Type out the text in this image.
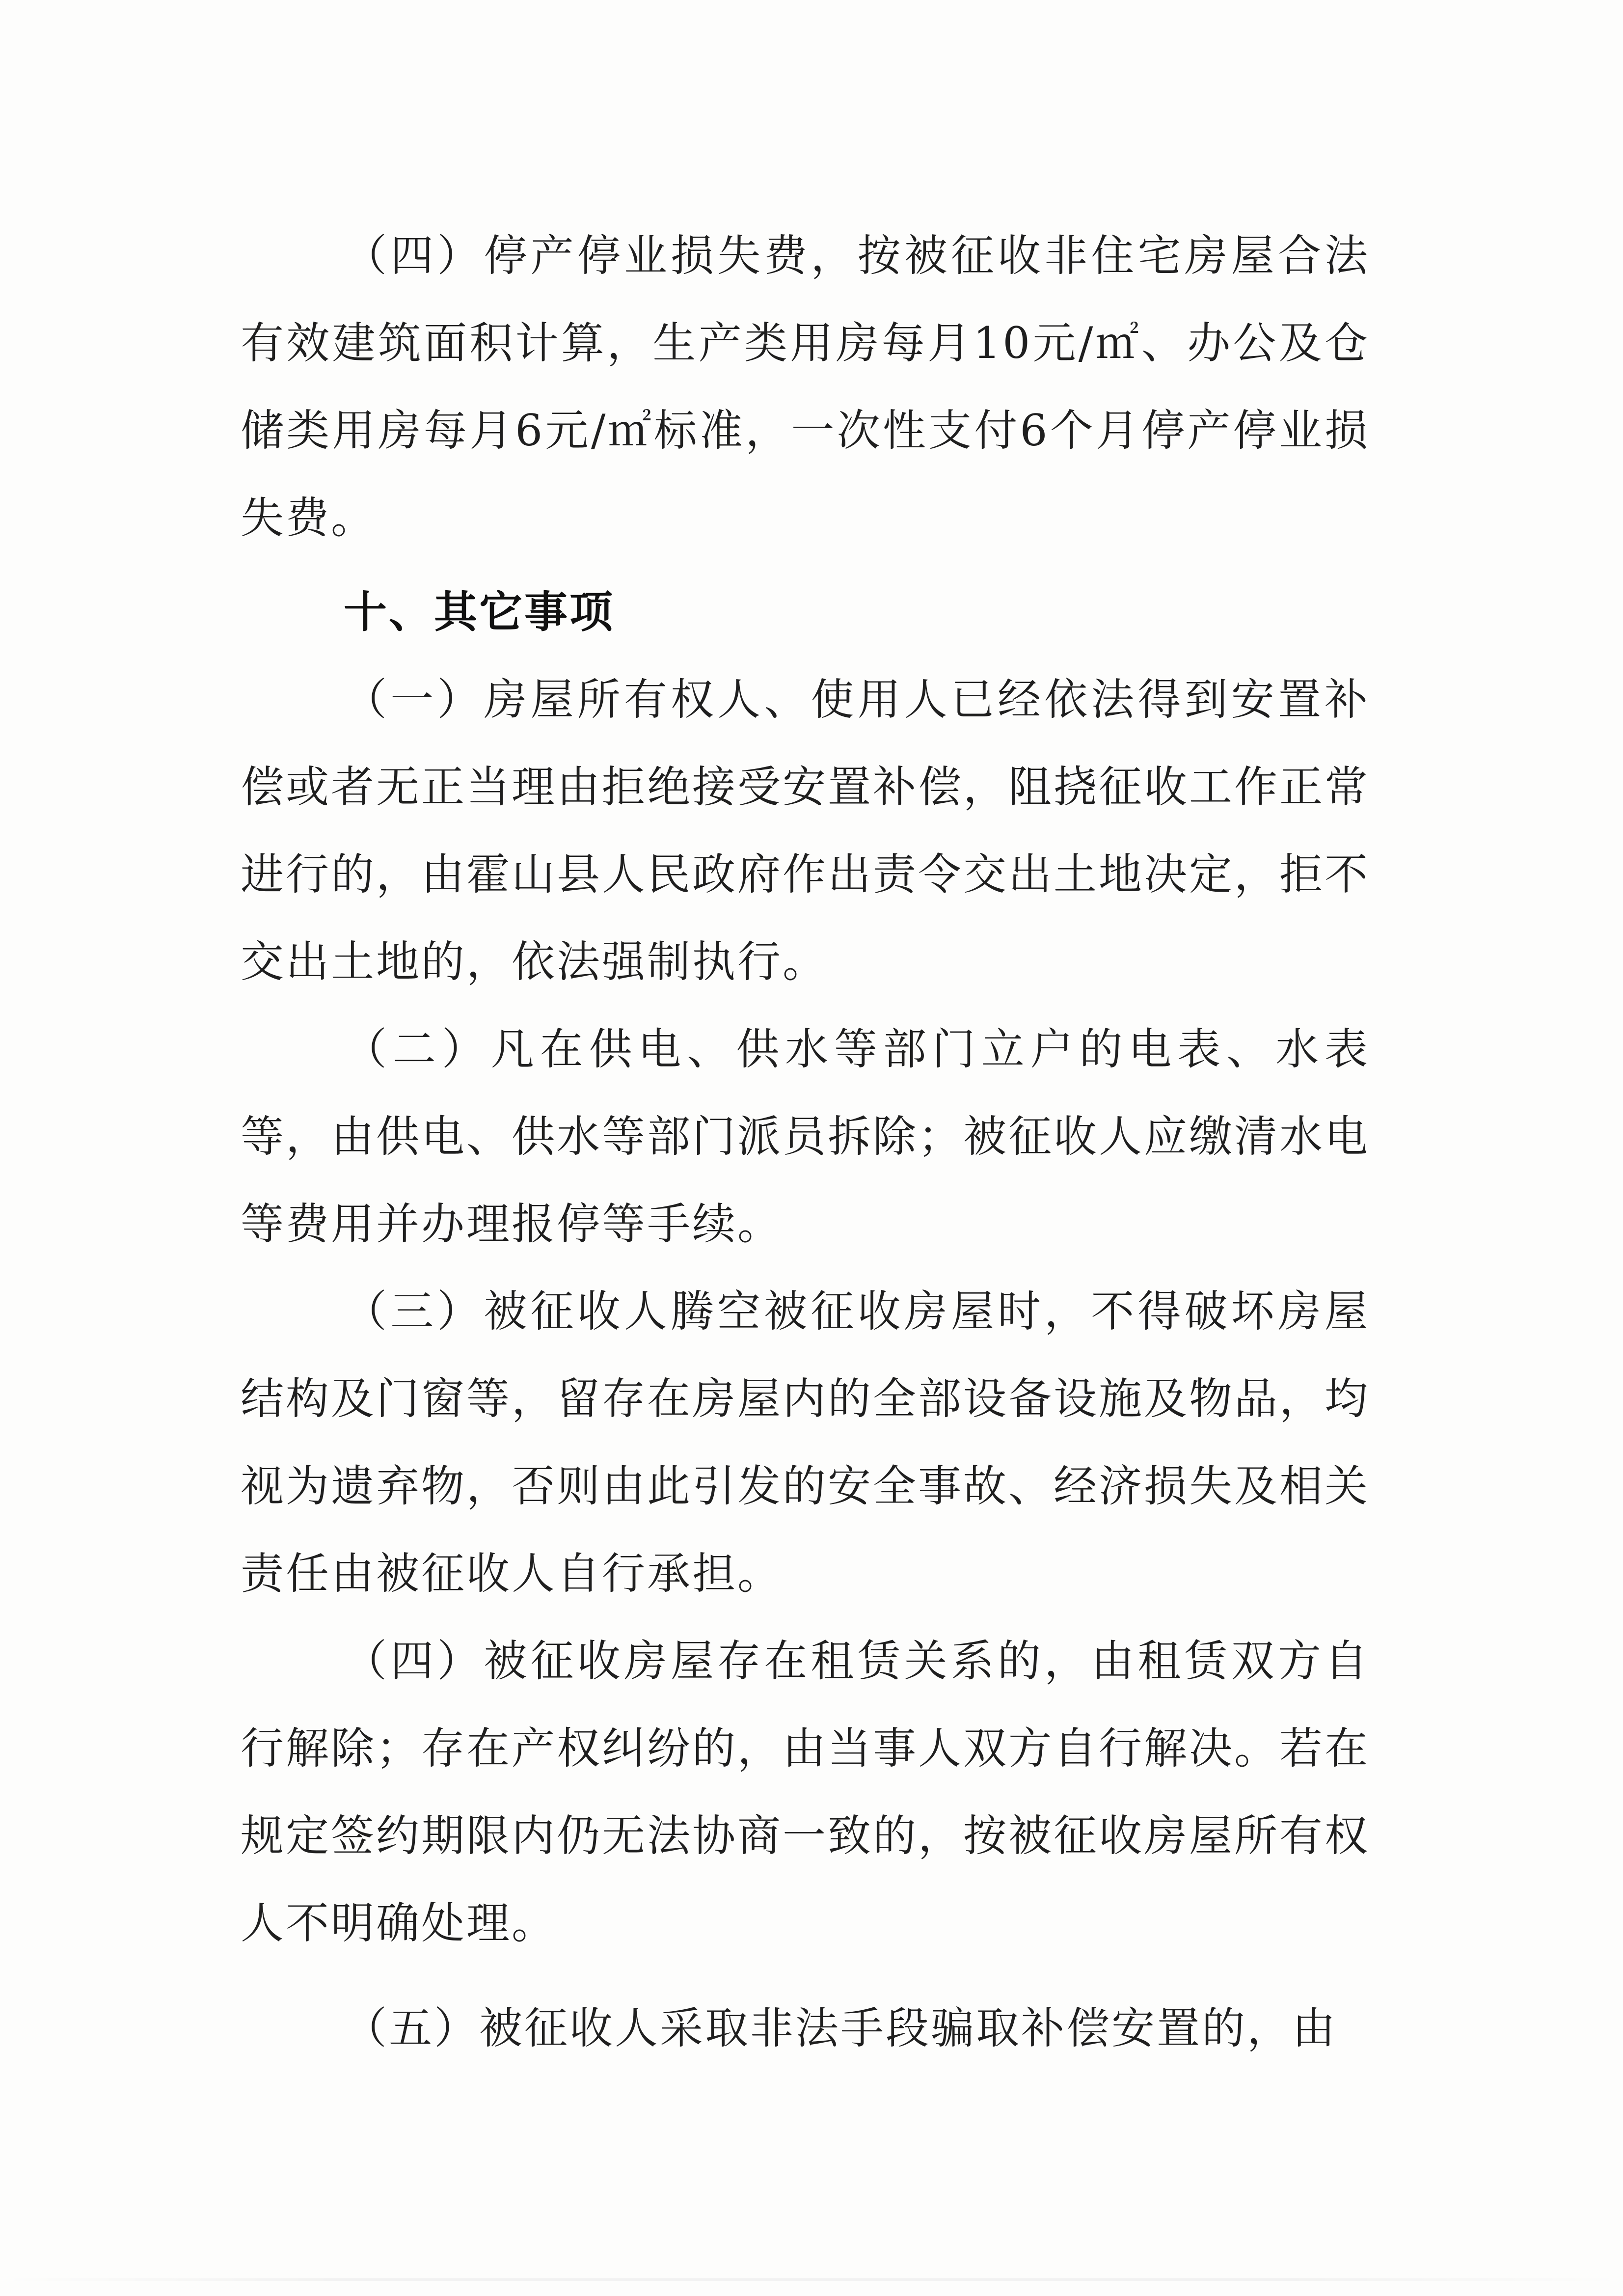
（四）停产停业损失费，按被征收非住宅房屋合法有效建筑面积计算，生产类用房每月10元/㎡、办公及仓储类用房每月6元/㎡标准，一次性支付6个月停产停业损失费。

十、其它事项

（一）房屋所有权人、使用人已经依法得到安置补偿或者无正当理由拒绝接受安置补偿，阻挠征收工作正常进行的，由霍山县人民政府作出责令交出土地决定，拒不交出土地的，依法强制执行。

（二）凡在供电、供水等部门立户的电表、水表等，由供电、供水等部门派员拆除；被征收人应缴清水电等费用并办理报停等手续。

（三）被征收人腾空被征收房屋时，不得破坏房屋结构及门窗等，留存在房屋内的全部设备设施及物品，均视为遗弃物，否则由此引发的安全事故、经济损失及相关责任由被征收人自行承担。

（四）被征收房屋存在租赁关系的，由租赁双方自行解除；存在产权纠纷的，由当事人双方自行解决。若在规定签约期限内仍无法协商一致的，按被征收房屋所有权人不明确处理。

（五）被征收人采取非法手段骗取补偿安置的，由
